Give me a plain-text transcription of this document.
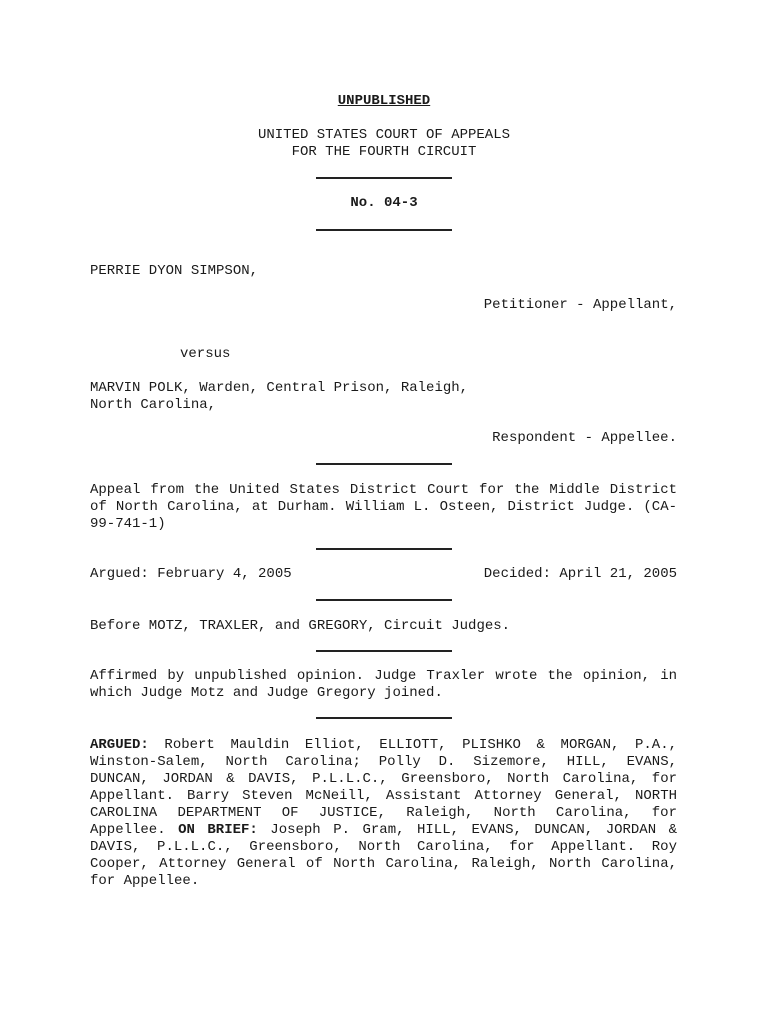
UNPUBLISHED
UNITED STATES COURT OF APPEALS
FOR THE FOURTH CIRCUIT
No. 04-3
PERRIE DYON SIMPSON,
Petitioner - Appellant,
versus
MARVIN POLK, Warden, Central Prison, Raleigh, North Carolina,
Respondent - Appellee.
Appeal from the United States District Court for the Middle District of North Carolina, at Durham. William L. Osteen, District Judge. (CA-99-741-1)
Argued: February 4, 2005	Decided: April 21, 2005
Before MOTZ, TRAXLER, and GREGORY, Circuit Judges.
Affirmed by unpublished opinion. Judge Traxler wrote the opinion, in which Judge Motz and Judge Gregory joined.
ARGUED: Robert Mauldin Elliot, ELLIOTT, PLISHKO & MORGAN, P.A., Winston-Salem, North Carolina; Polly D. Sizemore, HILL, EVANS, DUNCAN, JORDAN & DAVIS, P.L.L.C., Greensboro, North Carolina, for Appellant. Barry Steven McNeill, Assistant Attorney General, NORTH CAROLINA DEPARTMENT OF JUSTICE, Raleigh, North Carolina, for Appellee. ON BRIEF: Joseph P. Gram, HILL, EVANS, DUNCAN, JORDAN & DAVIS, P.L.L.C., Greensboro, North Carolina, for Appellant. Roy Cooper, Attorney General of North Carolina, Raleigh, North Carolina, for Appellee.
